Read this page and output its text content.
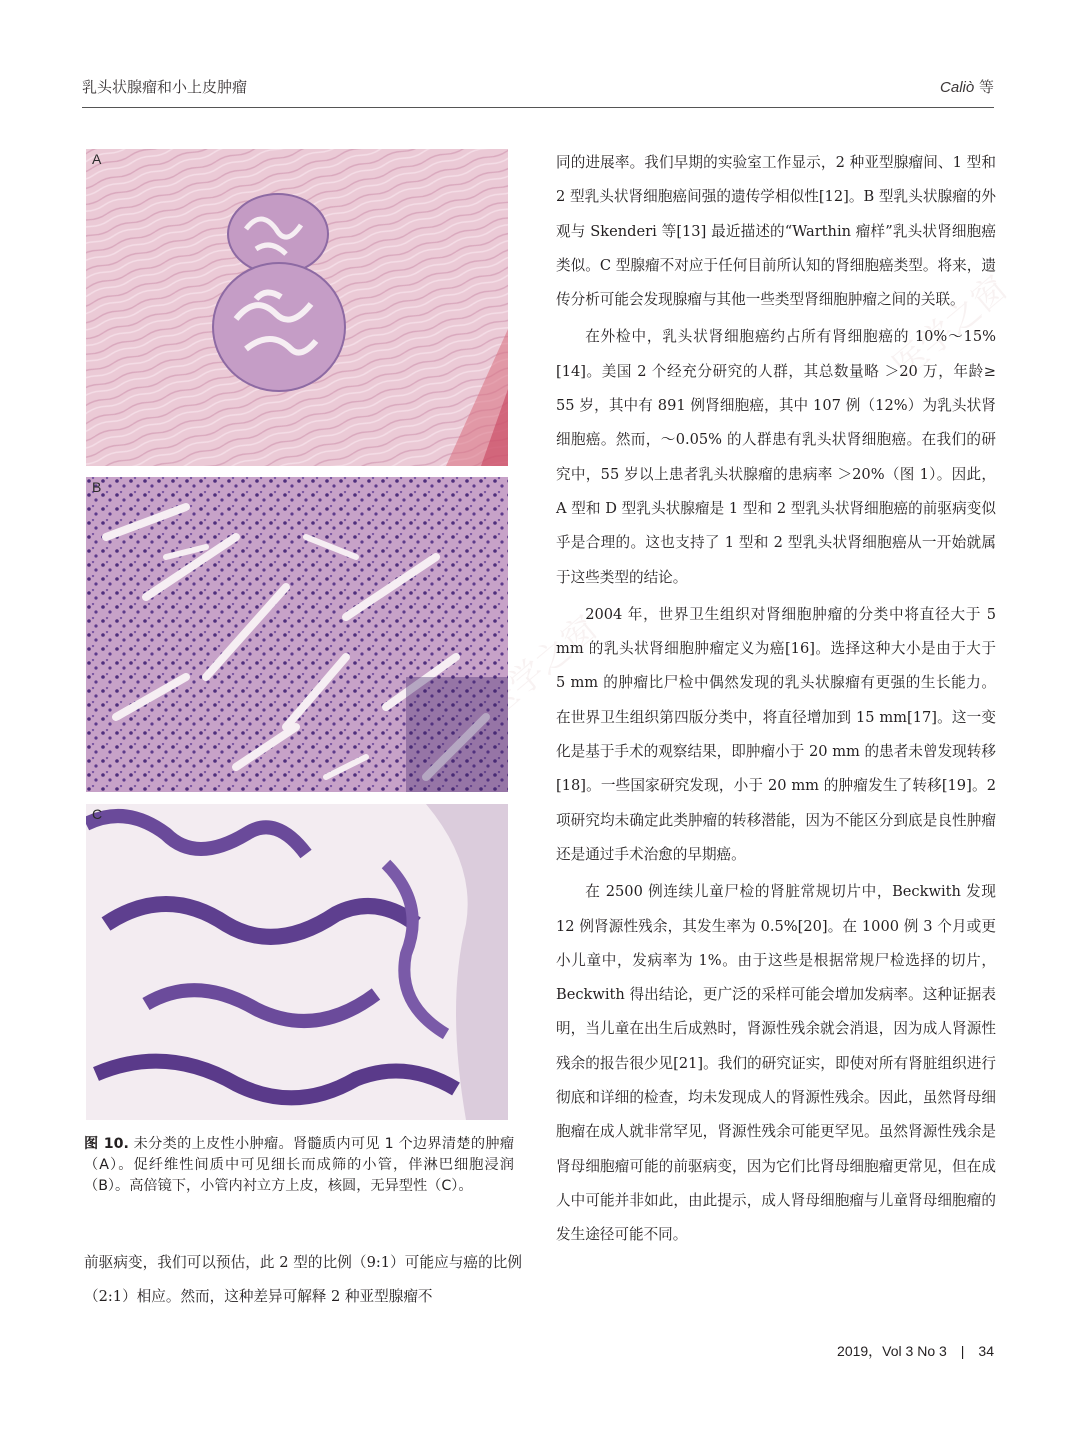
医学之窗
医学之窗
乳头状腺瘤和小上皮肿瘤	Caliò 等
A
B
C
图 10. 未分类的上皮性小肿瘤。肾髓质内可见 1 个边界清楚的肿瘤（A）。促纤维性间质中可见细长而成筛的小管，伴淋巴细胞浸润（B）。高倍镜下，小管内衬立方上皮，核圆，无异型性（C）。

前驱病变，我们可以预估，此 2 型的比例（9:1）可能应与癌的比例（2:1）相应。然而，这种差异可解释 2 种亚型腺瘤不

同的进展率。我们早期的实验室工作显示，2 种亚型腺瘤间、1 型和 2 型乳头状肾细胞癌间强的遗传学相似性[12]。B 型乳头状腺瘤的外观与 Skenderi 等[13] 最近描述的“Warthin 瘤样”乳头状肾细胞癌类似。C 型腺瘤不对应于任何目前所认知的肾细胞癌类型。将来，遗传分析可能会发现腺瘤与其他一些类型肾细胞肿瘤之间的关联。

在外检中，乳头状肾细胞癌约占所有肾细胞癌的 10%～15%[14]。美国 2 个经充分研究的人群，其总数量略 ＞20 万，年龄≥ 55 岁，其中有 891 例肾细胞癌，其中 107 例（12%）为乳头状肾细胞癌。然而，～0.05% 的人群患有乳头状肾细胞癌。在我们的研究中，55 岁以上患者乳头状腺瘤的患病率 ＞20%（图 1）。因此，A 型和 D 型乳头状腺瘤是 1 型和 2 型乳头状肾细胞癌的前驱病变似乎是合理的。这也支持了 1 型和 2 型乳头状肾细胞癌从一开始就属于这些类型的结论。

2004 年，世界卫生组织对肾细胞肿瘤的分类中将直径大于 5 mm 的乳头状肾细胞肿瘤定义为癌[16]。选择这种大小是由于大于 5 mm 的肿瘤比尸检中偶然发现的乳头状腺瘤有更强的生长能力。在世界卫生组织第四版分类中，将直径增加到 15 mm[17]。这一变化是基于手术的观察结果，即肿瘤小于 20 mm 的患者未曾发现转移[18]。一些国家研究发现，小于 20 mm 的肿瘤发生了转移[19]。2 项研究均未确定此类肿瘤的转移潜能，因为不能区分到底是良性肿瘤还是通过手术治愈的早期癌。

在 2500 例连续儿童尸检的肾脏常规切片中，Beckwith 发现 12 例肾源性残余，其发生率为 0.5%[20]。在 1000 例 3 个月或更小儿童中，发病率为 1%。由于这些是根据常规尸检选择的切片，Beckwith 得出结论，更广泛的采样可能会增加发病率。这种证据表明，当儿童在出生后成熟时，肾源性残余就会消退，因为成人肾源性残余的报告很少见[21]。我们的研究证实，即使对所有肾脏组织进行彻底和详细的检查，均未发现成人的肾源性残余。因此，虽然肾母细胞瘤在成人就非常罕见，肾源性残余可能更罕见。虽然肾源性残余是肾母细胞瘤可能的前驱病变，因为它们比肾母细胞瘤更常见，但在成人中可能并非如此，由此提示，成人肾母细胞瘤与儿童肾母细胞瘤的发生途径可能不同。

2019，Vol 3 No 3 | 34
